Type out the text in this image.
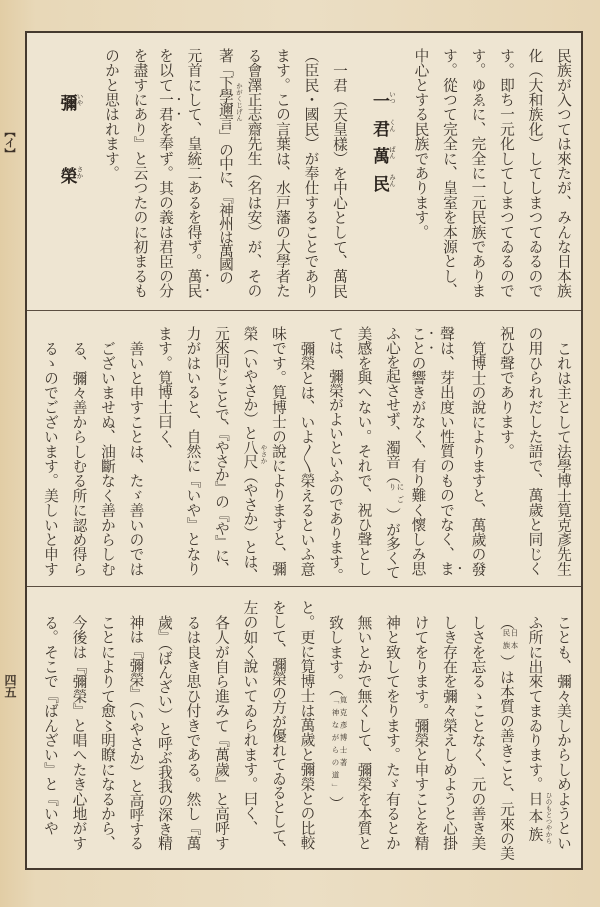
【イ】
四五
民族が入つては來たが、みんな日本族
化（大和族化）してしまつてゐるので
す。即ち一元化してしまつてゐるので
す。ゆゑに、完全に一元民族でありま
す。從つて完全に、皇室を本源とし、
中心とする民族であります。
一 いつ
君 くん
萬 ばん
民 みん
一君（天皇樣）を中心として、萬民
（臣民・國民）が奉仕することであり
ます。この言葉は、水戸藩の大學者た
る會澤正志齋先生（名は安）が、その
著「下學邇言 かがくじげん
」の中に、『神州は萬國の
元首にして、皇統二あるを得ず。萬民
を以て一君を奉ず。其の義は君臣の分
を盡すにあり』と云つたのに初まるも
のかと思はれます。
彌 いや
榮 さか
これは主として法學博士筧克彥先生
の用ひられだした語で、萬歲と同じく
祝ひ聲であります。
筧博士の說によりますと、萬歲の發
聲は、芽出度い性質のものでなく、ま
ことの響きがなく、有り難く懷しみ思
ふ心を起させず、濁音（
にご
り
）が多くて
美感を與へない。それで、祝ひ聲とし
ては、彌榮がよいといふのであります。
彌榮とは、いよ〳〵榮えるといふ意
味です。筧博士の說によりますと、彌
榮（いやさか）と八尺 やさか
（やさか）とは、
元來同じことで、『やさか』の『や』に、
力がはいると、自然に『いや』となり
ます。筧博士曰く、
善いと申すことは、たゞ善いのでは
ございませぬ、油斷なく善からしむ
る、彌々善からしむる所に認め得ら
るゝのでございます。美しいと申す
ことも、彌々美しからしめようとい
ふ所に出來てまゐります。日本族 ひのもとつやから
（
日本
民族
）は本質の善きこと、元來の美
しさを忘るゝことなく、元の善き美
しき存在を彌々榮えしめようと心掛
けてをります。彌榮と申すことを精
神と致してをります。たゞ有るとか
無いとかで無くして、彌榮を本質と
致します。（
筧克彥博士著
「神ながらの道」
）
と。更に筧博士は萬歲と彌榮との比較
をして、彌榮の方が優れてゐるとして、
左の如く說いてゐられます。曰く、
各人が自ら進みて『萬歲』と高呼す
るは良き思ひ付きである。然し『萬
歲』（ばんざい）と呼ぶ我我の深き精
神は『彌榮』（いやさか）と高呼する
ことによりて愈〻明瞭になるから、
今後は『彌榮』と唱へたき心地がす
る。そこで『ばんざい』と『いや
